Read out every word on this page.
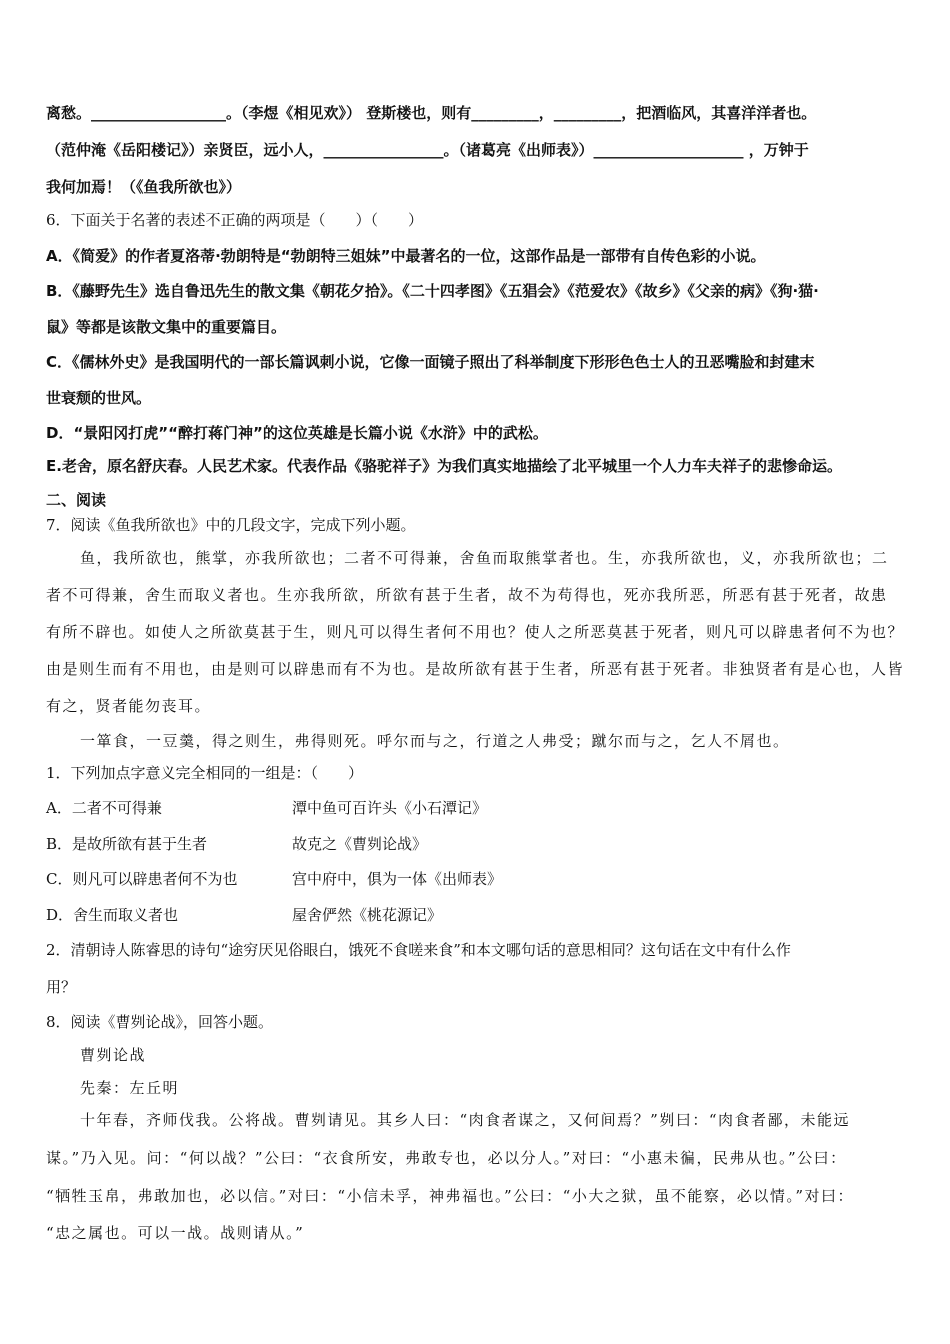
离愁。__________________。（李煜《相见欢》） 登斯楼也，则有_________，_________，把酒临风，其喜洋洋者也。
（范仲淹《岳阳楼记》）亲贤臣，远小人，________________。（诸葛亮《出师表》）____________________ ，万钟于
我何加焉！（《鱼我所欲也》）
6．下面关于名著的表述不正确的两项是（　　）（　　）
A．《简爱》的作者夏洛蒂·勃朗特是“勃朗特三姐妹”中最著名的一位，这部作品是一部带有自传色彩的小说。
B．《藤野先生》选自鲁迅先生的散文集《朝花夕拾》。《二十四孝图》《五猖会》《范爱农》《故乡》《父亲的病》《狗·猫·
鼠》等都是该散文集中的重要篇目。
C．《儒林外史》是我国明代的一部长篇讽刺小说，它像一面镜子照出了科举制度下形形色色士人的丑恶嘴脸和封建末
世衰颓的世风。
D．“景阳冈打虎”“醉打蒋门神”的这位英雄是长篇小说《水浒》中的武松。
E.老舍，原名舒庆春。人民艺术家。代表作品《骆驼祥子》为我们真实地描绘了北平城里一个人力车夫祥子的悲惨命运。
二、阅读
7．阅读《鱼我所欲也》中的几段文字，完成下列小题。
鱼，我所欲也，熊掌，亦我所欲也；二者不可得兼，舍鱼而取熊掌者也。生，亦我所欲也，义，亦我所欲也；二
者不可得兼，舍生而取义者也。生亦我所欲，所欲有甚于生者，故不为苟得也，死亦我所恶，所恶有甚于死者，故患
有所不辟也。如使人之所欲莫甚于生，则凡可以得生者何不用也？使人之所恶莫甚于死者，则凡可以辟患者何不为也？
由是则生而有不用也，由是则可以辟患而有不为也。是故所欲有甚于生者，所恶有甚于死者。非独贤者有是心也，人皆
有之，贤者能勿丧耳。
一箪食，一豆羹，得之则生，弗得则死。呼尔而与之，行道之人弗受；蹴尔而与之，乞人不屑也。
1．下列加点字意义完全相同的一组是：（　　）
A．二者不可得兼	潭中鱼可百许头《小石潭记》
B．是故所欲有甚于生者	故克之《曹刿论战》
C．则凡可以辟患者何不为也	宫中府中，俱为一体《出师表》
D．舍生而取义者也	屋舍俨然《桃花源记》
2．清朝诗人陈睿思的诗句“途穷厌见俗眼白，饿死不食嗟来食”和本文哪句话的意思相同？这句话在文中有什么作
用？
8．阅读《曹刿论战》，回答小题。
曹刿论战
先秦：左丘明
十年春，齐师伐我。公将战。曹刿请见。其乡人曰：“肉食者谋之，又何间焉？”刿曰：“肉食者鄙，未能远
谋。”乃入见。问：“何以战？”公曰：“衣食所安，弗敢专也，必以分人。”对曰：“小惠未徧，民弗从也。”公曰：
“牺牲玉帛，弗敢加也，必以信。”对曰：“小信未孚，神弗福也。”公曰：“小大之狱，虽不能察，必以情。”对曰：
“忠之属也。可以一战。战则请从。”
